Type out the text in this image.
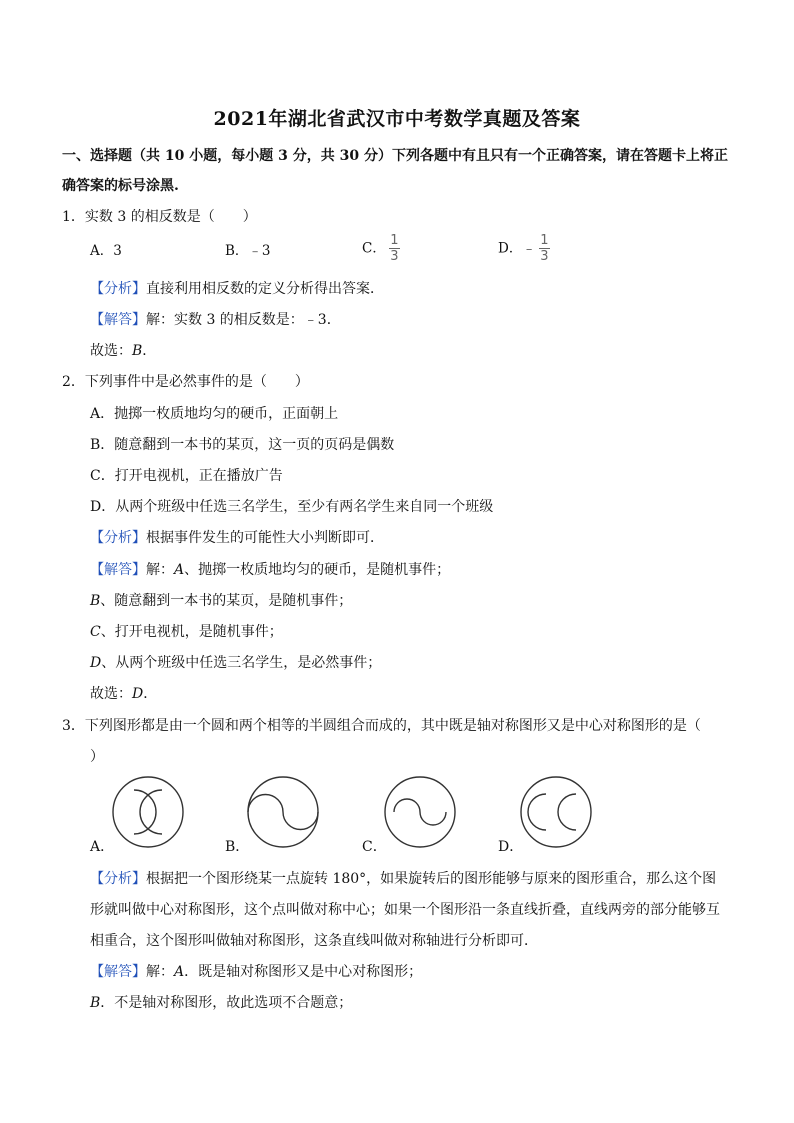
2021年湖北省武汉市中考数学真题及答案
一、选择题（共 10 小题，每小题 3 分，共 30 分）下列各题中有且只有一个正确答案，请在答题卡上将正
确答案的标号涂黑.
1．实数 3 的相反数是（　　）
A．3	B．﹣3	C． $\frac{1}{3}$	D．﹣ $\frac{1}{3}$
【分析】直接利用相反数的定义分析得出答案．
【解答】解：实数 3 的相反数是：﹣3．
故选：B．
2．下列事件中是必然事件的是（　　）
A．抛掷一枚质地均匀的硬币，正面朝上
B．随意翻到一本书的某页，这一页的页码是偶数
C．打开电视机，正在播放广告
D．从两个班级中任选三名学生，至少有两名学生来自同一个班级
【分析】根据事件发生的可能性大小判断即可．
【解答】解：A、抛掷一枚质地均匀的硬币，是随机事件；
B、随意翻到一本书的某页，是随机事件；
C、打开电视机，是随机事件；
D、从两个班级中任选三名学生，是必然事件；
故选：D．
3．下列图形都是由一个圆和两个相等的半圆组合而成的，其中既是轴对称图形又是中心对称图形的是（
）
A．	B．	C．	D．
【分析】根据把一个图形绕某一点旋转 180°，如果旋转后的图形能够与原来的图形重合，那么这个图
形就叫做中心对称图形，这个点叫做对称中心；如果一个图形沿一条直线折叠，直线两旁的部分能够互
相重合，这个图形叫做轴对称图形，这条直线叫做对称轴进行分析即可．
【解答】解：A．既是轴对称图形又是中心对称图形；
B．不是轴对称图形，故此选项不合题意；
